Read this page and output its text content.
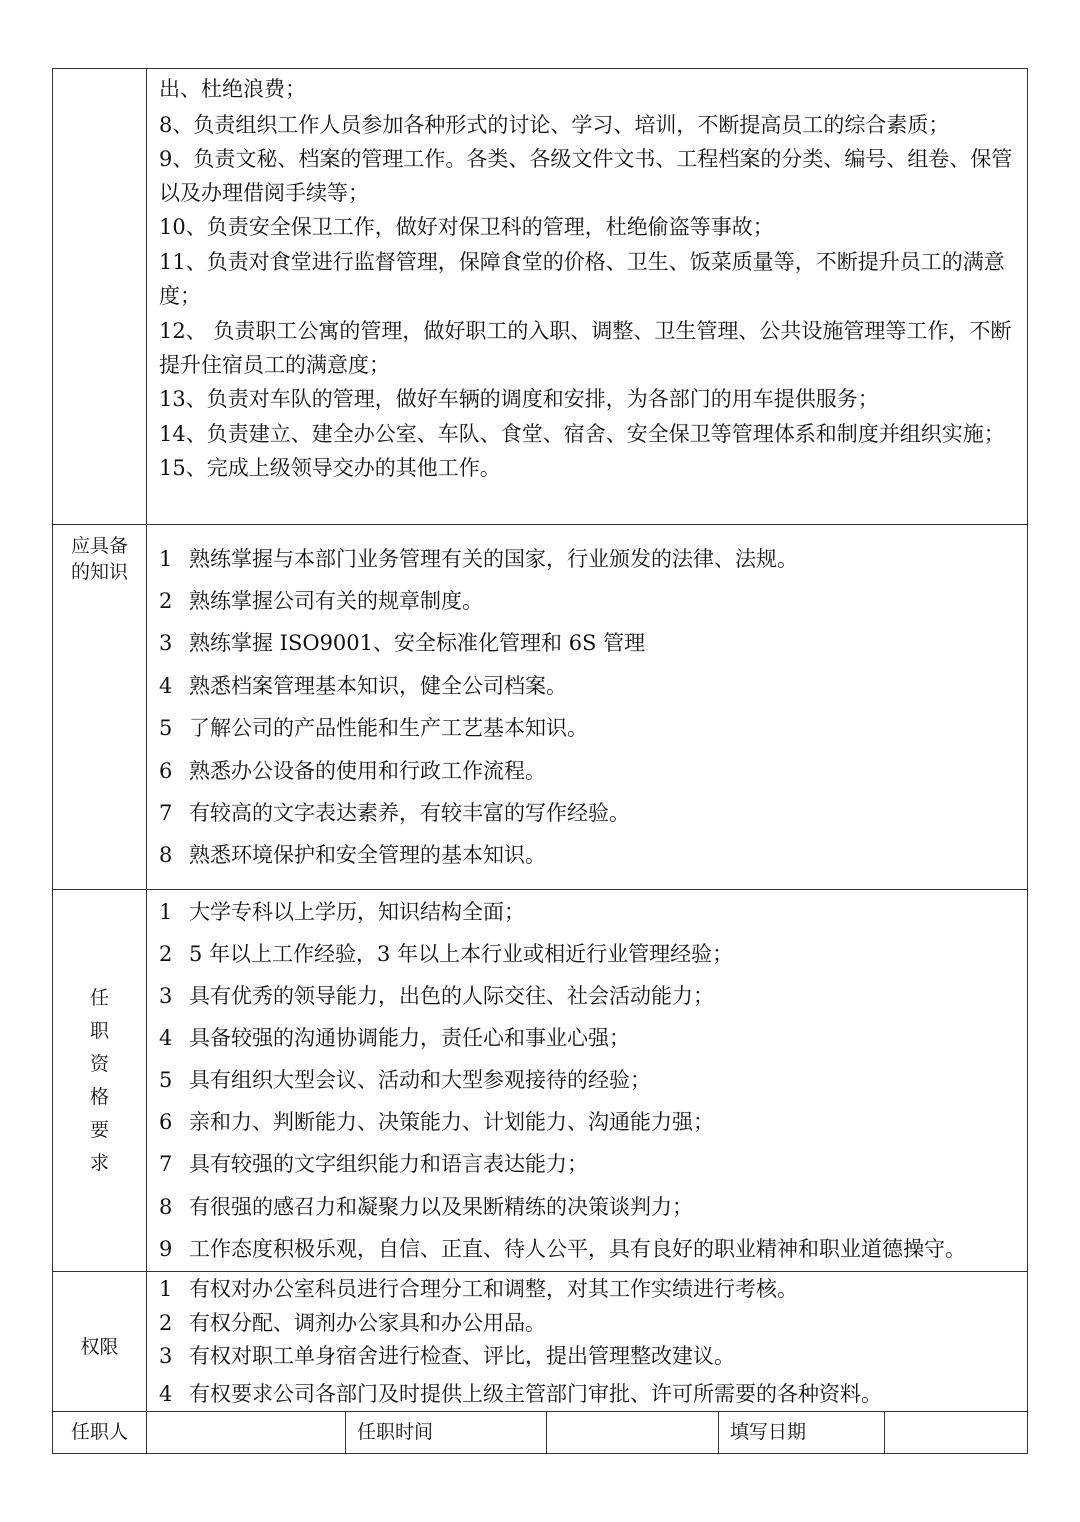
出、杜绝浪费；
8、负责组织工作人员参加各种形式的讨论、学习、培训，不断提高员工的综合素质；
9、负责文秘、档案的管理工作。各类、各级文件文书、工程档案的分类、编号、组卷、保管
以及办理借阅手续等；
10、负责安全保卫工作，做好对保卫科的管理，杜绝偷盗等事故；
11、负责对食堂进行监督管理，保障食堂的价格、卫生、饭菜质量等，不断提升员工的满意
度；
12、 负责职工公寓的管理，做好职工的入职、调整、卫生管理、公共设施管理等工作，不断
提升住宿员工的满意度；
13、负责对车队的管理，做好车辆的调度和安排，为各部门的用车提供服务；
14、负责建立、建全办公室、车队、食堂、宿舍、安全保卫等管理体系和制度并组织实施；
15、完成上级领导交办的其他工作。
应具备
的知识
1 熟练掌握与本部门业务管理有关的国家，行业颁发的法律、法规。
2 熟练掌握公司有关的规章制度。
3 熟练掌握 ISO9001、安全标准化管理和 6S 管理
4 熟悉档案管理基本知识，健全公司档案。
5 了解公司的产品性能和生产工艺基本知识。
6 熟悉办公设备的使用和行政工作流程。
7 有较高的文字表达素养，有较丰富的写作经验。
8 熟悉环境保护和安全管理的基本知识。
任
职
资
格
要
求
1 大学专科以上学历，知识结构全面；
2 5 年以上工作经验，3 年以上本行业或相近行业管理经验；
3 具有优秀的领导能力，出色的人际交往、社会活动能力；
4 具备较强的沟通协调能力，责任心和事业心强；
5 具有组织大型会议、活动和大型参观接待的经验；
6 亲和力、判断能力、决策能力、计划能力、沟通能力强；
7 具有较强的文字组织能力和语言表达能力；
8 有很强的感召力和凝聚力以及果断精练的决策谈判力；
9 工作态度积极乐观，自信、正直、待人公平，具有良好的职业精神和职业道德操守。
权限
1 有权对办公室科员进行合理分工和调整，对其工作实绩进行考核。
2 有权分配、调剂办公家具和办公用品。
3 有权对职工单身宿舍进行检查、评比，提出管理整改建议。
4 有权要求公司各部门及时提供上级主管部门审批、许可所需要的各种资料。
任职人	任职时间	填写日期
